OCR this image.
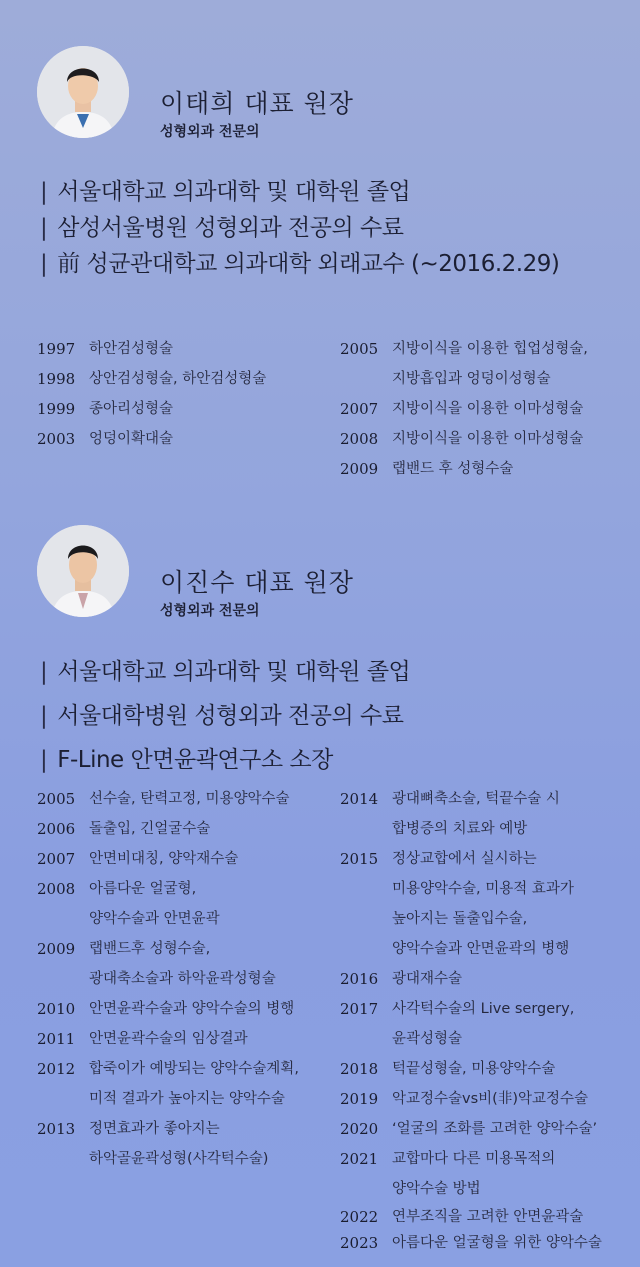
이태희 대표 원장
성형외과 전문의
| 서울대학교 의과대학 및 대학원 졸업
| 삼성서울병원 성형외과 전공의 수료
| 前 성균관대학교 의과대학 외래교수 (~2016.2.29)
1997 하안검성형술
1998 상안검성형술, 하안검성형술
1999 종아리성형술
2003 엉덩이확대술
2005 지방이식을 이용한 힙업성형술,
지방흡입과 엉덩이성형술
2007 지방이식을 이용한 이마성형술
2008 지방이식을 이용한 이마성형술
2009 랩밴드 후 성형수술
이진수 대표 원장
성형외과 전문의
| 서울대학교 의과대학 및 대학원 졸업
| 서울대학병원 성형외과 전공의 수료
| F-Line 안면윤곽연구소 소장
2005 선수술, 탄력고정, 미용양악수술
2006 돌출입, 긴얼굴수술
2007 안면비대칭, 양악재수술
2008 아름다운 얼굴형,
양악수술과 안면윤곽
2009 랩밴드후 성형수술,
광대축소술과 하악윤곽성형술
2010 안면윤곽수술과 양악수술의 병행
2011 안면윤곽수술의 임상결과
2012 합죽이가 예방되는 양악수술계획,
미적 결과가 높아지는 양악수술
2013 정면효과가 좋아지는
하악골윤곽성형(사각턱수술)
2014 광대뼈축소술, 턱끝수술 시
합병증의 치료와 예방
2015 정상교합에서 실시하는
미용양악수술, 미용적 효과가
높아지는 돌출입수술,
양악수술과 안면윤곽의 병행
2016 광대재수술
2017 사각턱수술의 Live sergery,
윤곽성형술
2018 턱끝성형술, 미용양악수술
2019 악교정수술vs비(非)악교정수술
2020 ‘얼굴의 조화를 고려한 양악수술’
2021 교합마다 다른 미용목적의
양악수술 방법
2022 연부조직을 고려한 안면윤곽술
2023 아름다운 얼굴형을 위한 양악수술
